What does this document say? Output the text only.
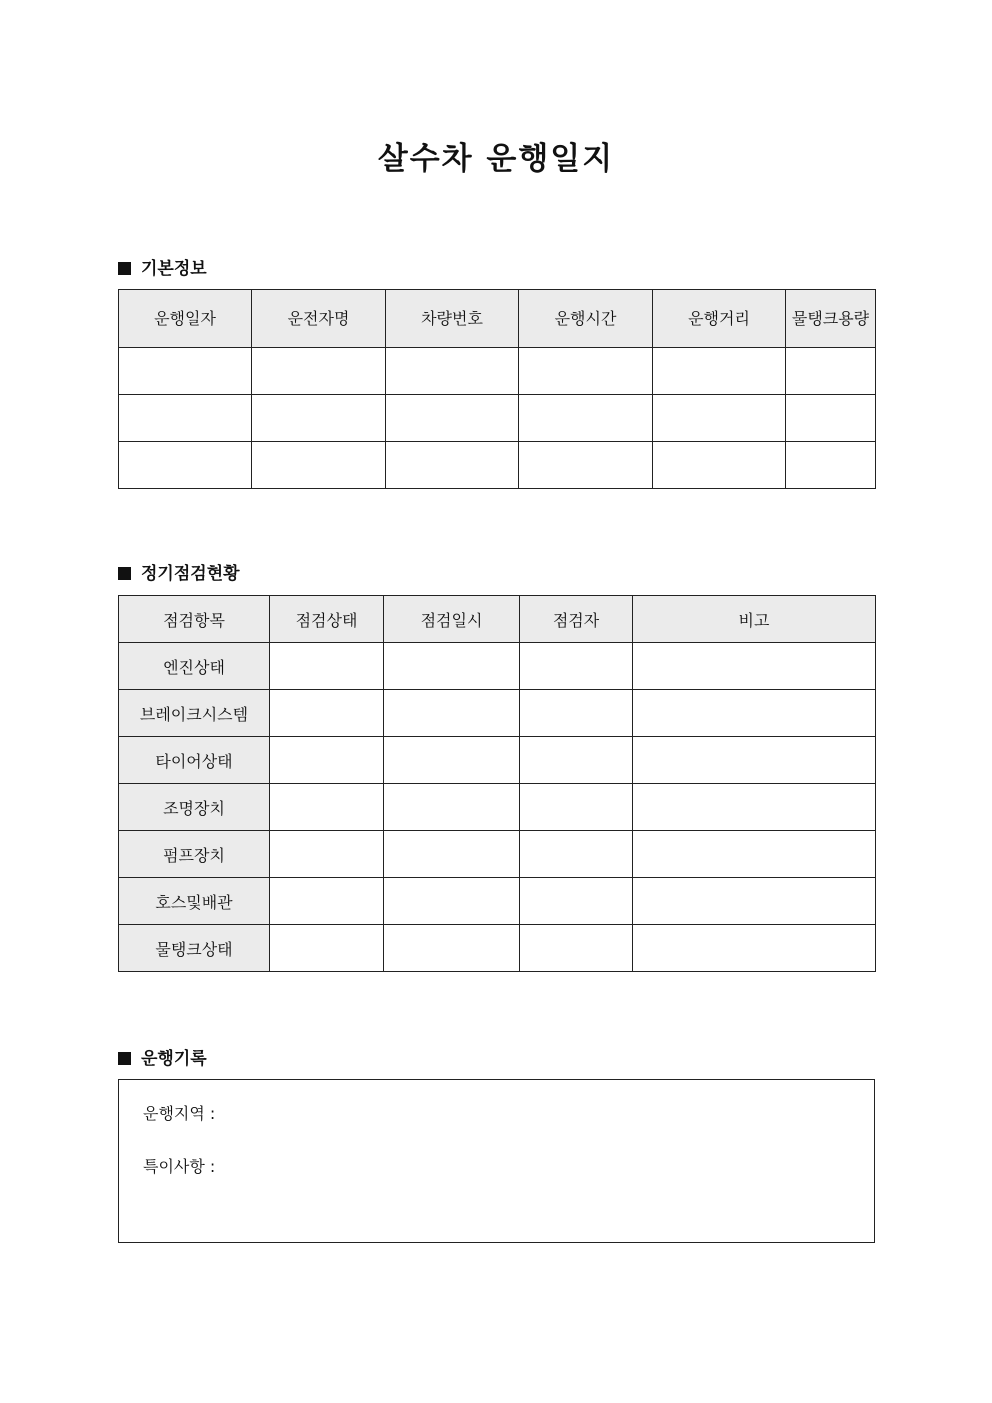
살수차 운행일지
기본정보
운행일자	운전자명	차량번호	운행시간	운행거리	물탱크용량

정기점검현황
점검항목	점검상태	점검일시	점검자	비고
엔진상태				
브레이크시스템				
타이어상태				
조명장치				
펌프장치				
호스및배관				
물탱크상태				
운행기록
운행지역 :
특이사항 :
